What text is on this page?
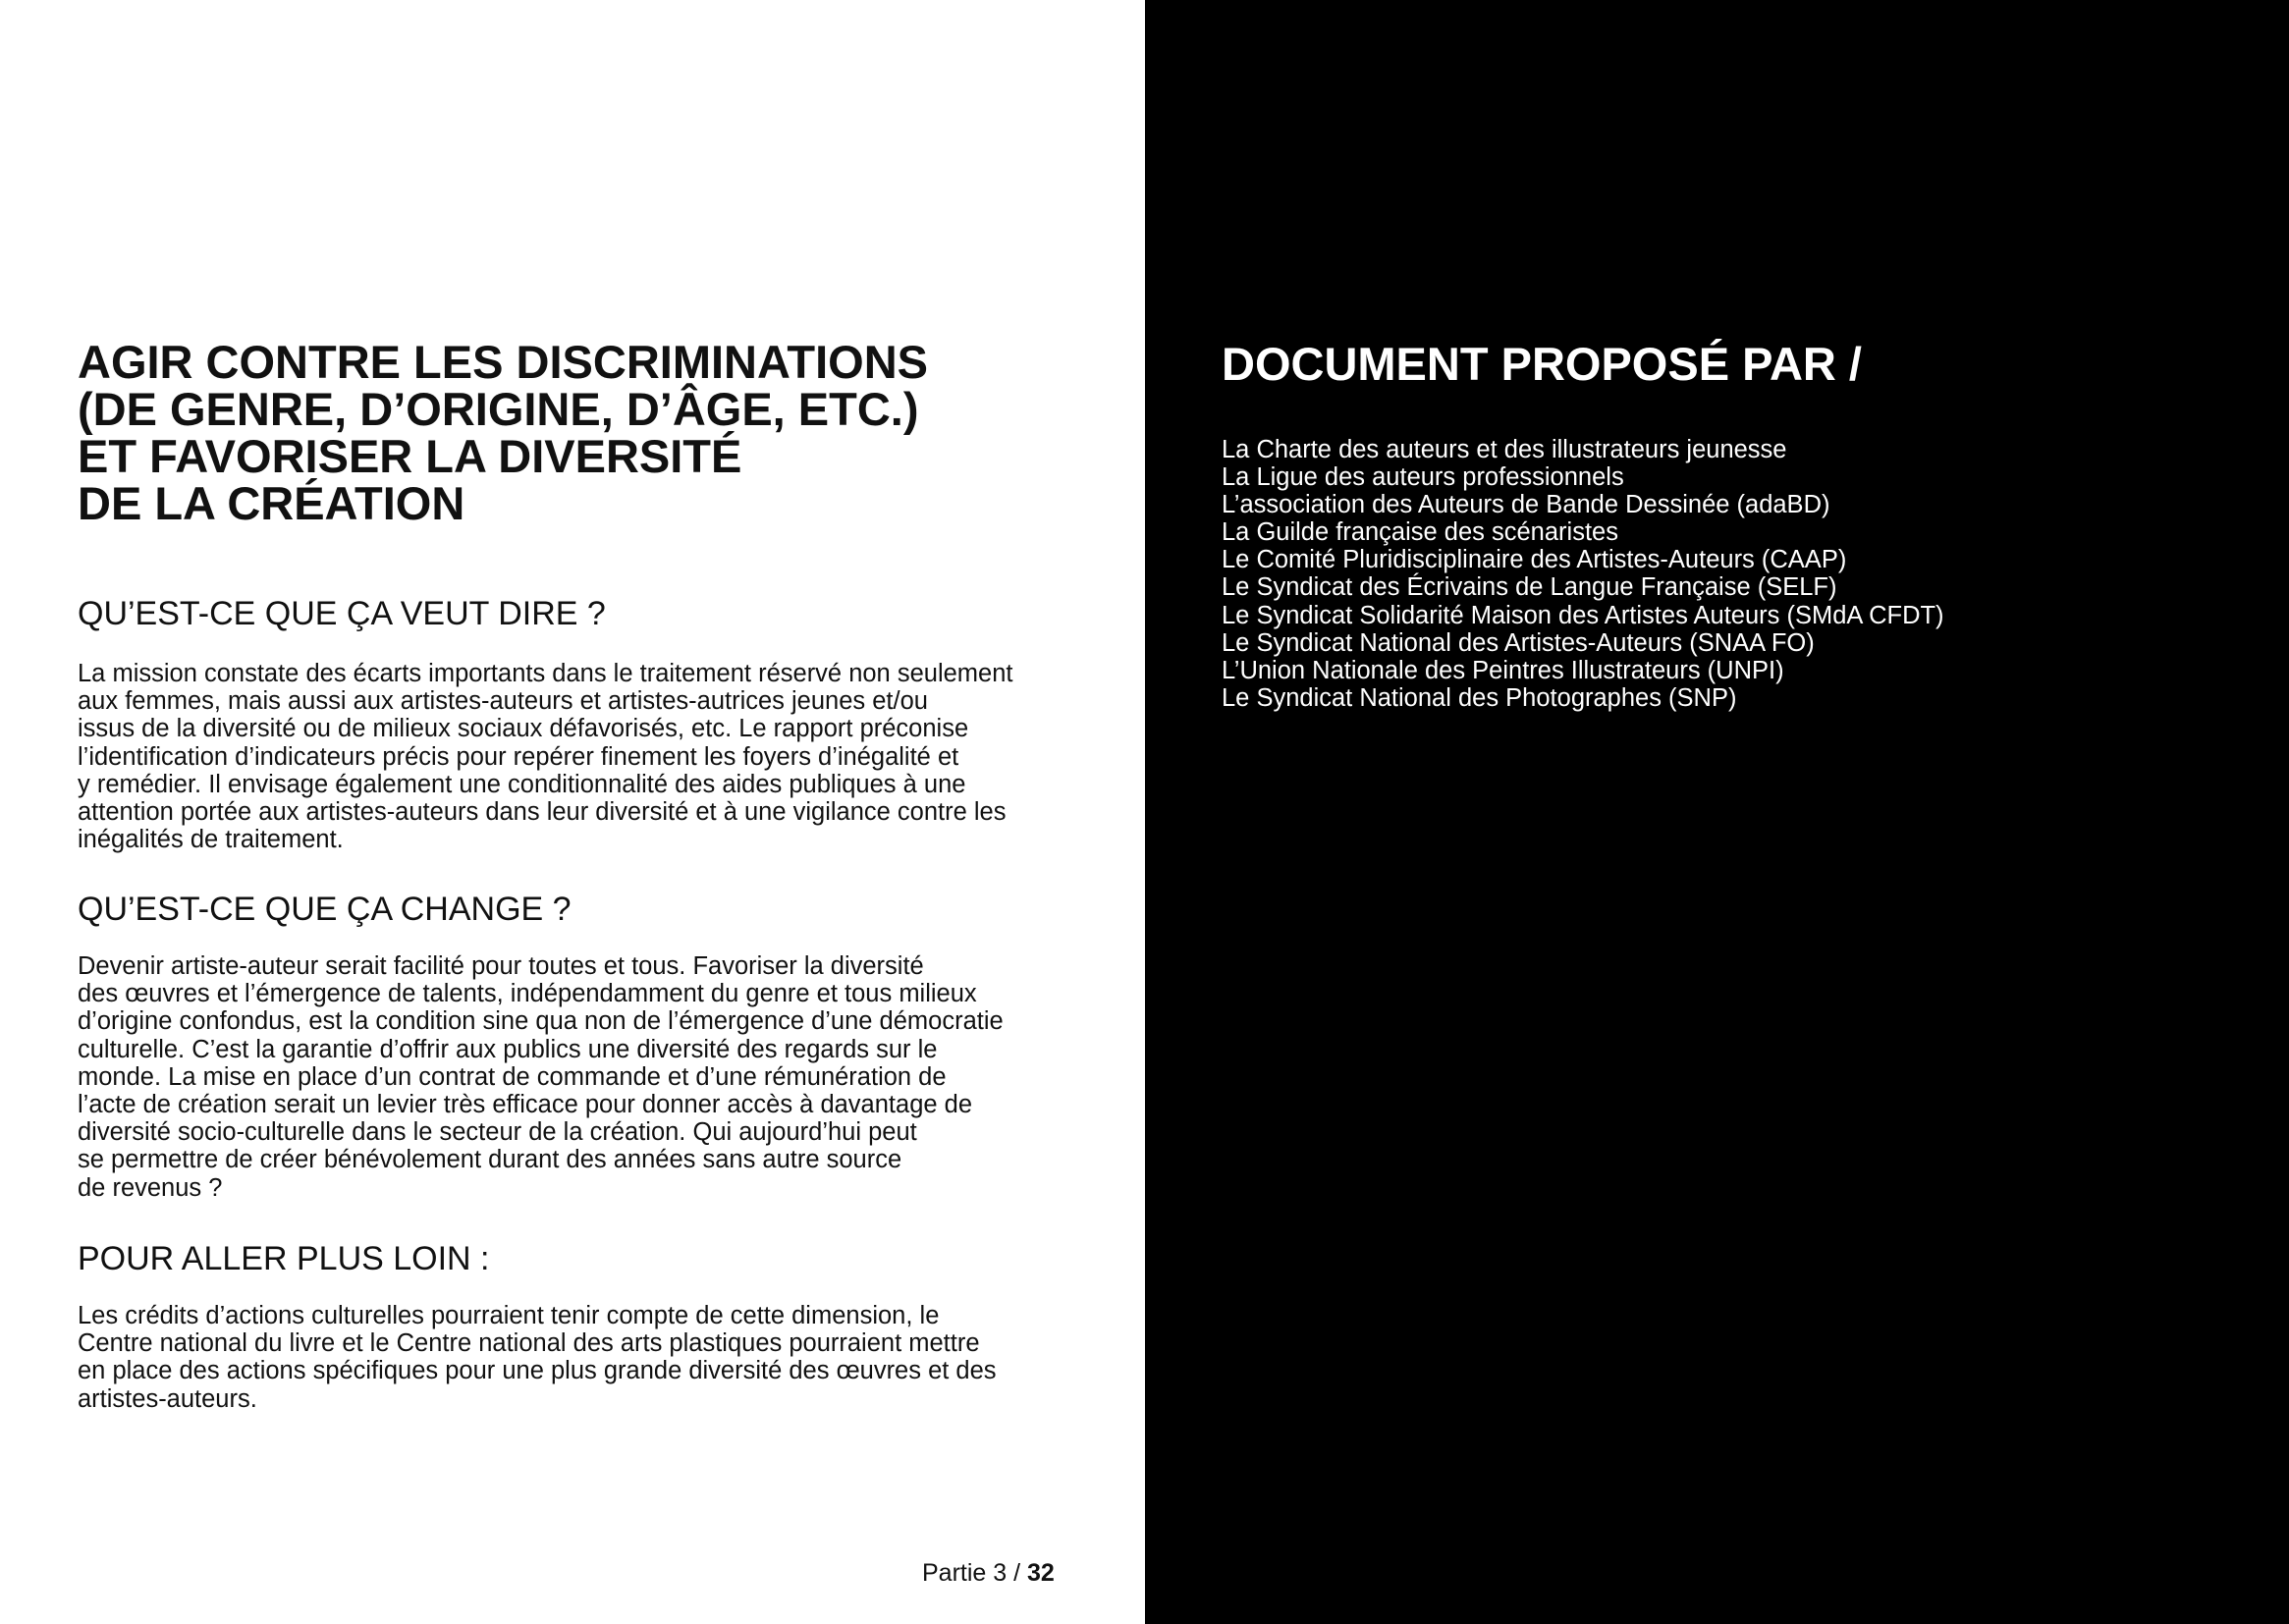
AGIR CONTRE LES DISCRIMINATIONS
(DE GENRE, D’ORIGINE, D’ÂGE, ETC.)
ET FAVORISER LA DIVERSITÉ
DE LA CRÉATION
QU’EST-CE QUE ÇA VEUT DIRE ?

La mission constate des écarts importants dans le traitement réservé non seulement
aux femmes, mais aussi aux artistes-auteurs et artistes-autrices jeunes et/ou
issus de la diversité ou de milieux sociaux défavorisés, etc. Le rapport préconise
l’identification d’indicateurs précis pour repérer finement les foyers d’inégalité et
y remédier. Il envisage également une conditionnalité des aides publiques à une
attention portée aux artistes-auteurs dans leur diversité et à une vigilance contre les
inégalités de traitement.

QU’EST-CE QUE ÇA CHANGE ?

Devenir artiste-auteur serait facilité pour toutes et tous. Favoriser la diversité
des œuvres et l’émergence de talents, indépendamment du genre et tous milieux
d’origine confondus, est la condition sine qua non de l’émergence d’une démocratie
culturelle. C’est la garantie d’offrir aux publics une diversité des regards sur le
monde. La mise en place d’un contrat de commande et d’une rémunération de
l’acte de création serait un levier très efficace pour donner accès à davantage de
diversité socio-culturelle dans le secteur de la création. Qui aujourd’hui peut
se permettre de créer bénévolement durant des années sans autre source
de revenus ?

POUR ALLER PLUS LOIN :

Les crédits d’actions culturelles pourraient tenir compte de cette dimension, le
Centre national du livre et le Centre national des arts plastiques pourraient mettre
en place des actions spécifiques pour une plus grande diversité des œuvres et des
artistes-auteurs.

Partie 3 / 32
DOCUMENT PROPOSÉ PAR /
La Charte des auteurs et des illustrateurs jeunesse
La Ligue des auteurs professionnels
L’association des Auteurs de Bande Dessinée (adaBD)
La Guilde française des scénaristes
Le Comité Pluridisciplinaire des Artistes-Auteurs (CAAP)
Le Syndicat des Écrivains de Langue Française (SELF)
Le Syndicat Solidarité Maison des Artistes Auteurs (SMdA CFDT)
Le Syndicat National des Artistes-Auteurs (SNAA FO)
L’Union Nationale des Peintres Illustrateurs (UNPI)
Le Syndicat National des Photographes (SNP)
